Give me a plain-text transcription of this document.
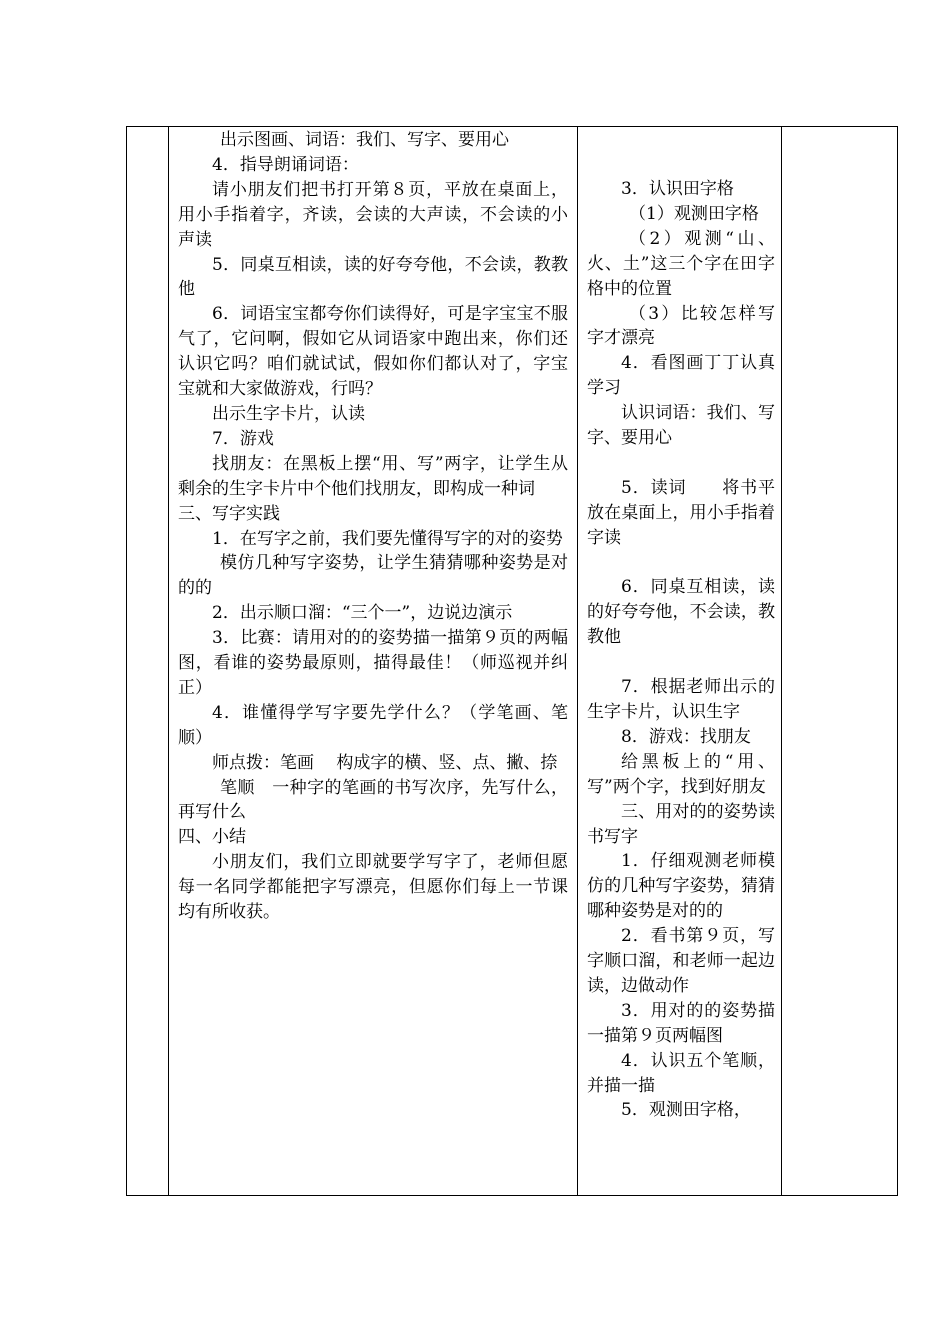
出示图画、词语：我们、写字、要用心

4．指导朗诵词语：

请小朋友们把书打开第８页，平放在桌面上，用小手指着字，齐读，会读的大声读，不会读的小声读

5．同桌互相读，读的好夸夸他，不会读，教教他

6．词语宝宝都夸你们读得好，可是字宝宝不服气了，它问啊，假如它从词语家中跑出来，你们还认识它吗？咱们就试试，假如你们都认对了，字宝宝就和大家做游戏，行吗？

出示生字卡片，认读

7．游戏

找朋友：在黑板上摆“用、写”两字，让学生从剩余的生字卡片中个他们找朋友，即构成一种词

三、写字实践

1．在写字之前，我们要先懂得写字的对的姿势

模仿几种写字姿势，让学生猜猜哪种姿势是对的的

2．出示顺口溜：“三个一”，边说边演示

3．比赛：请用对的的姿势描一描第９页的两幅图，看谁的姿势最原则，描得最佳！（师巡视并纠正）

4．谁懂得学写字要先学什么？（学笔画、笔顺）

师点拨：笔画　 构成字的横、竖、点、撇、捺

笔顺　一种字的笔画的书写次序，先写什么，再写什么

四、小结

小朋友们，我们立即就要学写字了，老师但愿每一名同学都能把字写漂亮，但愿你们每上一节课均有所收获。

3．认识田字格

（1）观测田字格

（2）观测“山、火、土”这三个字在田字格中的位置

（3）比较怎样写字才漂亮

4．看图画丁丁认真学习

认识词语：我们、写字、要用心

5．读词　　将书平放在桌面上，用小手指着字读

6．同桌互相读，读的好夸夸他，不会读，教教他

7．根据老师出示的生字卡片，认识生字

8．游戏：找朋友

给黑板上的“用、写”两个字，找到好朋友

三、用对的的姿势读书写字

1．仔细观测老师模仿的几种写字姿势，猜猜哪种姿势是对的的

2．看书第９页，写字顺口溜，和老师一起边读，边做动作

3．用对的的姿势描一描第９页两幅图

4．认识五个笔顺，并描一描

5．观测田字格，
